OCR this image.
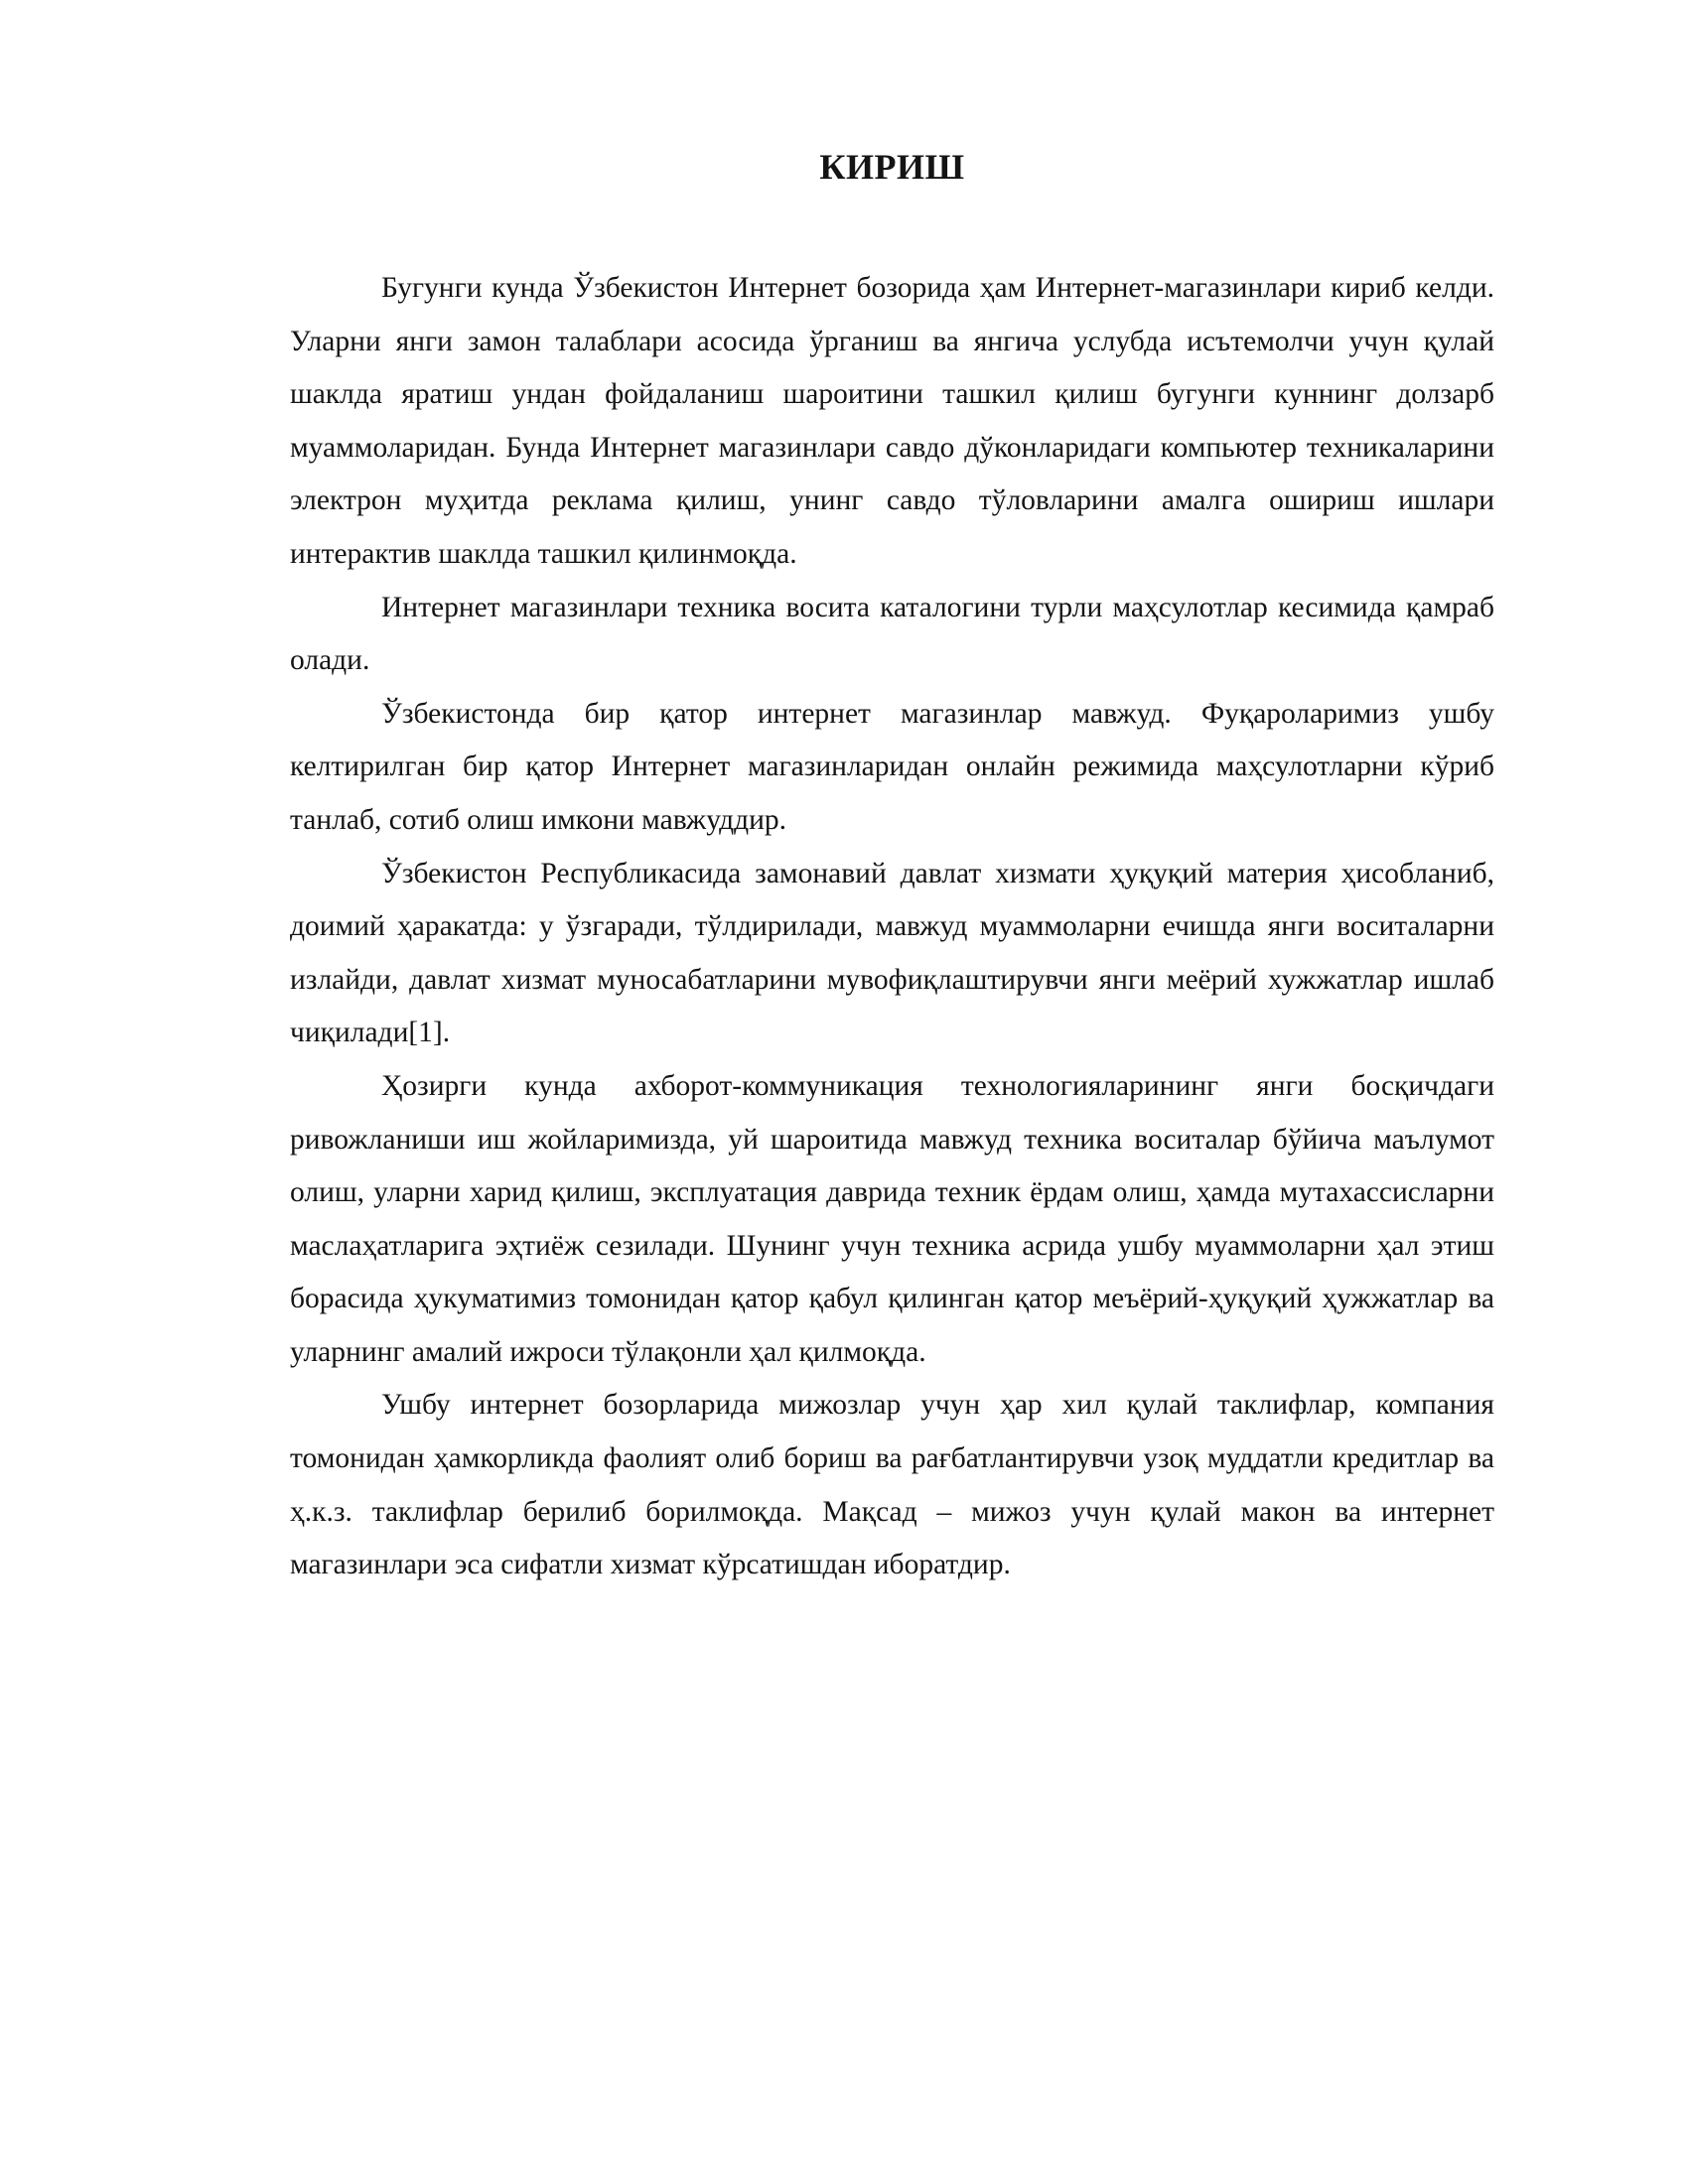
КИРИШ

Бугунги кунда Ўзбекистон Интернет бозорида ҳам Интернет-магазинлари кириб келди. Уларни янги замон талаблари асосида ўрганиш ва янгича услубда исътемолчи учун қулай шаклда яратиш ундан фойдаланиш шароитини ташкил қилиш бугунги куннинг долзарб муаммоларидан. Бунда Интернет магазинлари савдо дўконларидаги компьютер техникаларини электрон муҳитда реклама қилиш, унинг савдо тўловларини амалга ошириш ишлари интерактив шаклда ташкил қилинмоқда.

Интернет магазинлари техника восита каталогини турли маҳсулотлар кесимида қамраб олади.

Ўзбекистонда бир қатор интернет магазинлар мавжуд. Фуқароларимиз ушбу келтирилган бир қатор Интернет магазинларидан онлайн режимида маҳсулотларни кўриб танлаб, сотиб олиш имкони мавжуддир.

Ўзбекистон Республикасида замонавий давлат хизмати ҳуқуқий материя ҳисобланиб, доимий ҳаракатда: у ўзгаради, тўлдирилади, мавжуд муаммоларни ечишда янги воситаларни излайди, давлат хизмат муносабатларини мувофиқлаштирувчи янги меёрий хужжатлар ишлаб чиқилади[1].

Ҳозирги кунда ахборот-коммуникация технологияларининг янги босқичдаги ривожланиши иш жойларимизда, уй шароитида мавжуд техника воситалар бўйича маълумот олиш, уларни харид қилиш, эксплуатация даврида техник ёрдам олиш, ҳамда мутахассисларни маслаҳатларига эҳтиёж сезилади. Шунинг учун техника асрида ушбу муаммоларни ҳал этиш борасида ҳукуматимиз томонидан қатор қабул қилинган қатор меъёрий-ҳуқуқий ҳужжатлар ва уларнинг амалий ижроси тўлақонли ҳал қилмоқда.

Ушбу интернет бозорларида мижозлар учун ҳар хил қулай таклифлар, компания томонидан ҳамкорликда фаолият олиб бориш ва рағбатлантирувчи узоқ муддатли кредитлар ва ҳ.к.з. таклифлар берилиб борилмоқда. Мақсад – мижоз учун қулай макон ва интернет магазинлари эса сифатли хизмат кўрсатишдан иборатдир.
